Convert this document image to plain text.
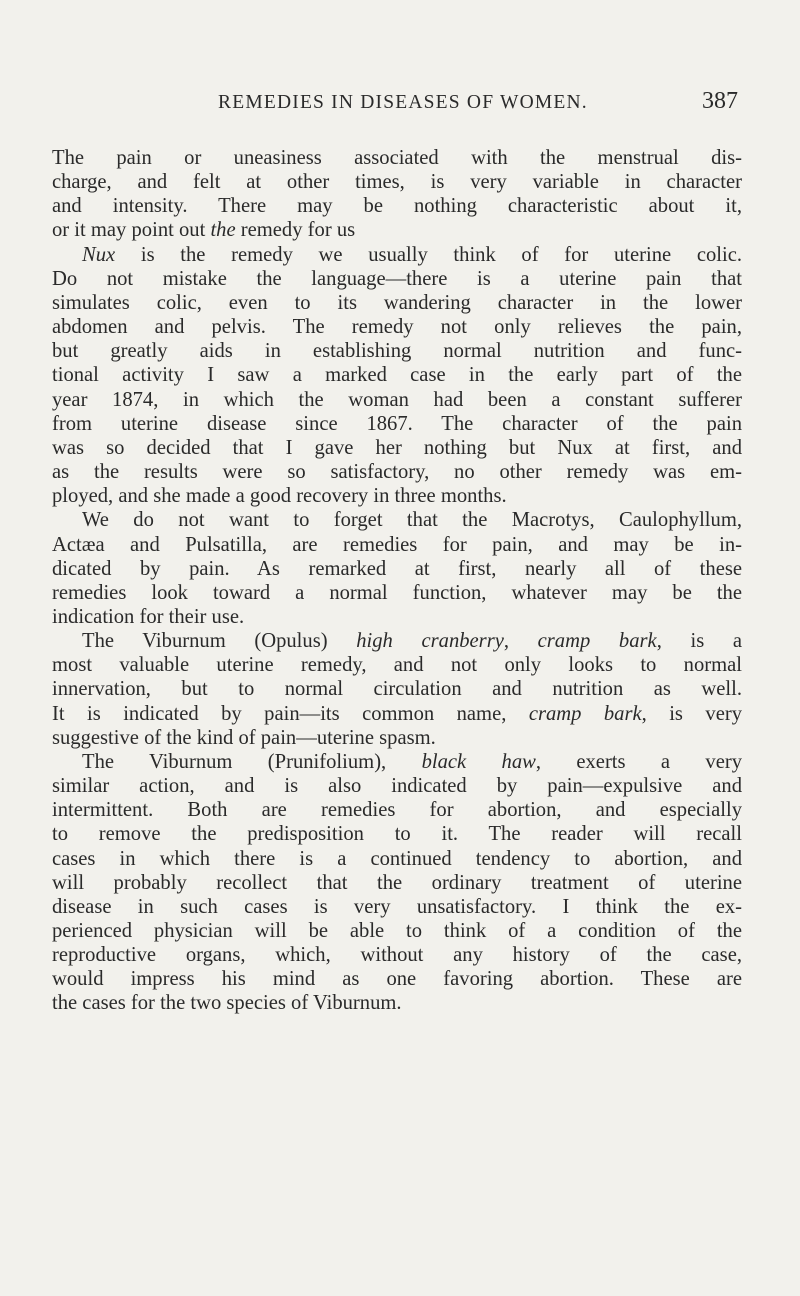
REMEDIES IN DISEASES OF WOMEN.	387
The pain or uneasiness associated with the menstrual dis-
charge, and felt at other times, is very variable in character
and intensity. There may be nothing characteristic about it,
or it may point out the remedy for us
Nux is the remedy we usually think of for uterine colic.
Do not mistake the language—there is a uterine pain that
simulates colic, even to its wandering character in the lower
abdomen and pelvis. The remedy not only relieves the pain,
but greatly aids in establishing normal nutrition and func-
tional activity I saw a marked case in the early part of the
year 1874, in which the woman had been a constant sufferer
from uterine disease since 1867. The character of the pain
was so decided that I gave her nothing but Nux at first, and
as the results were so satisfactory, no other remedy was em-
ployed, and she made a good recovery in three months.
We do not want to forget that the Macrotys, Caulophyllum,
Actæa and Pulsatilla, are remedies for pain, and may be in-
dicated by pain. As remarked at first, nearly all of these
remedies look toward a normal function, whatever may be the
indication for their use.
The Viburnum (Opulus) high cranberry, cramp bark, is a
most valuable uterine remedy, and not only looks to normal
innervation, but to normal circulation and nutrition as well.
It is indicated by pain—its common name, cramp bark, is very
suggestive of the kind of pain—uterine spasm.
The Viburnum (Prunifolium), black haw, exerts a very
similar action, and is also indicated by pain—expulsive and
intermittent. Both are remedies for abortion, and especially
to remove the predisposition to it. The reader will recall
cases in which there is a continued tendency to abortion, and
will probably recollect that the ordinary treatment of uterine
disease in such cases is very unsatisfactory. I think the ex-
perienced physician will be able to think of a condition of the
reproductive organs, which, without any history of the case,
would impress his mind as one favoring abortion. These are
the cases for the two species of Viburnum.
